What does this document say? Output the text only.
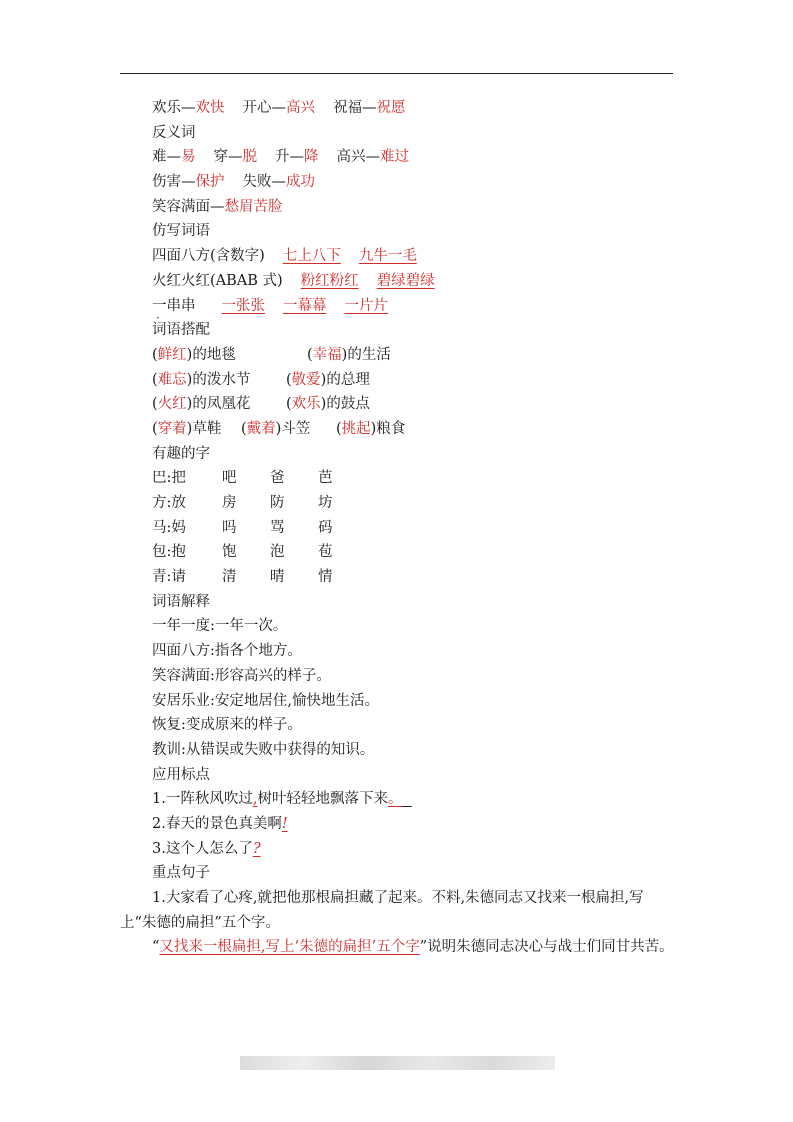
欢乐—欢快 开心—高兴 祝福—祝愿
反义词
难—易 穿—脱 升—降 高兴—难过
伤害—保护 失败—成功
笑容满面—愁眉苦脸
仿写词语
四面八方(含数字) 七上八下 九牛一毛
火红火红(ABAB 式) 粉红粉红 碧绿碧绿
一串串 一张张 一幕幕 一片片
词语搭配
(鲜红)的地毯	(幸福)的生活
(难忘)的泼水节 (敬爱)的总理
(火红)的凤凰花 (欢乐)的鼓点
(穿着)草鞋 (戴着)斗笠 (挑起)粮食
有趣的字
巴:把 吧 爸 芭
方:放 房 防 坊
马:妈 吗 骂 码
包:抱 饱 泡 苞
青:请 清 晴 情
词语解释
一年一度:一年一次。
四面八方:指各个地方。
笑容满面:形容高兴的样子。
安居乐业:安定地居住,愉快地生活。
恢复:变成原来的样子。
教训:从错误或失败中获得的知识。
应用标点
1.一阵秋风吹过,树叶轻轻地飘落下来。
2.春天的景色真美啊!
3.这个人怎么了?
重点句子
1.大家看了心疼,就把他那根扁担藏了起来。不料,朱德同志又找来一根扁担,写上“朱德的扁担”五个字。
“又找来一根扁担,写上‘朱德的扁担’五个字”说明朱德同志决心与战士们同甘共苦。
